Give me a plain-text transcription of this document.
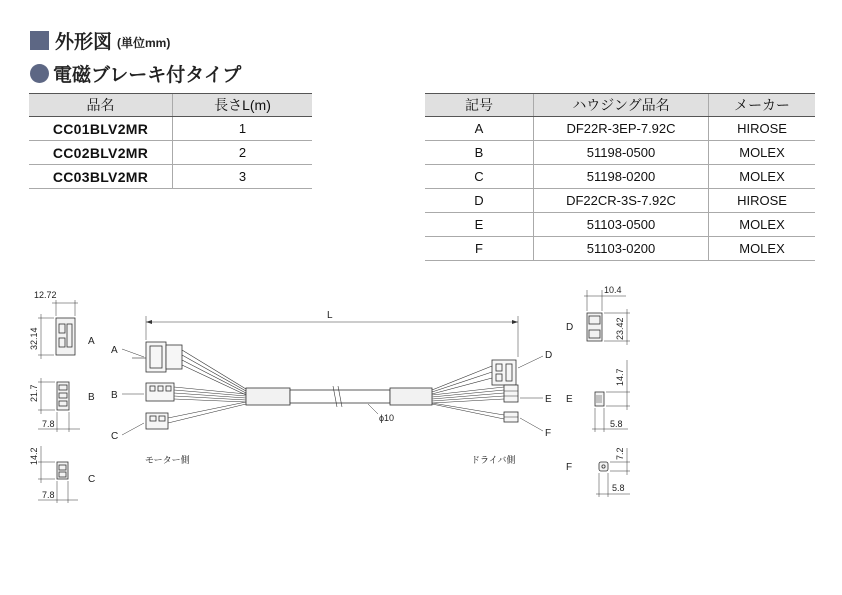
外形図 (単位mm)
電磁ブレーキ付タイプ
品名	長さL(m)
CC01BLV2MR	1
CC02BLV2MR	2
CC03BLV2MR	3
記号	ハウジング品名	メーカー
A	DF22R-3EP-7.92C	HIROSE
B	51198-0500	MOLEX
C	51198-0200	MOLEX
D	DF22CR-3S-7.92C	HIROSE
E	51103-0500	MOLEX
F	51103-0200	MOLEX
12.72
32.14	A
21.7	B
7.8
14.2
C
7.8
L
A
B
C
ϕ10
モーター側	ドライバ側
D
E
F
10.4
23.42
D
14.7
E
5.8
7.2
F
5.8
